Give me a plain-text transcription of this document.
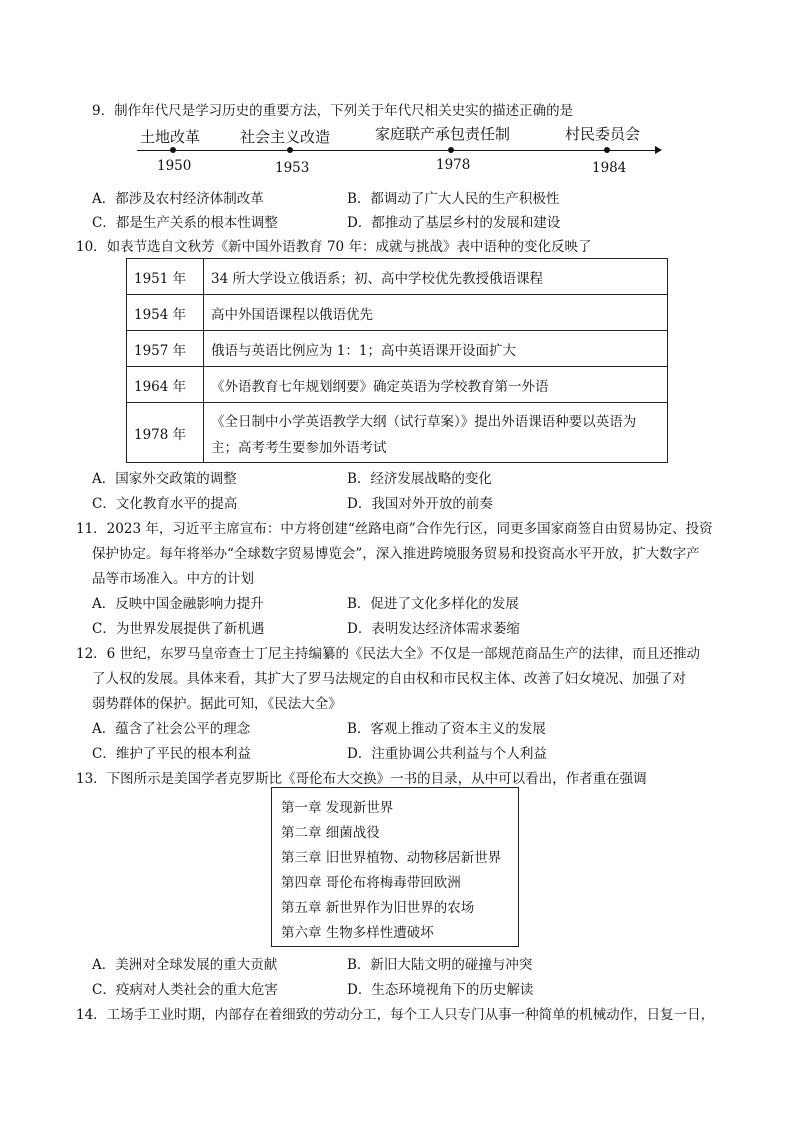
9．制作年代尺是学习历史的重要方法，下列关于年代尺相关史实的描述正确的是
土地改革	社会主义改造	家庭联产承包责任制	村民委员会
1950	1953	1978	1984
A．都涉及农村经济体制改革	B．都调动了广大人民的生产积极性
C．都是生产关系的根本性调整	D．都推动了基层乡村的发展和建设
10．如表节选自文秋芳《新中国外语教育 70 年：成就与挑战》表中语种的变化反映了
1951 年	34 所大学设立俄语系；初、高中学校优先教授俄语课程
1954 年	高中外国语课程以俄语优先
1957 年	俄语与英语比例应为 1：1；高中英语课开设面扩大
1964 年	《外语教育七年规划纲要》确定英语为学校教育第一外语
1978 年	《全日制中小学英语教学大纲（试行草案）》提出外语课语种要以英语为
主；高考考生要参加外语考试
A．国家外交政策的调整	B．经济发展战略的变化
C．文化教育水平的提高	D．我国对外开放的前奏
11．2023 年，习近平主席宣布：中方将创建“丝路电商”合作先行区，同更多国家商签自由贸易协定、投资
保护协定。每年将举办“全球数字贸易博览会”，深入推进跨境服务贸易和投资高水平开放，扩大数字产
品等市场准入。中方的计划
A．反映中国金融影响力提升	B．促进了文化多样化的发展
C．为世界发展提供了新机遇	D．表明发达经济体需求萎缩
12．6 世纪，东罗马皇帝查士丁尼主持编纂的《民法大全》不仅是一部规范商品生产的法律，而且还推动
了人权的发展。具体来看，其扩大了罗马法规定的自由权和市民权主体、改善了妇女境况、加强了对
弱势群体的保护。据此可知，《民法大全》
A．蕴含了社会公平的理念	B．客观上推动了资本主义的发展
C．维护了平民的根本利益	D．注重协调公共利益与个人利益
13．下图所示是美国学者克罗斯比《哥伦布大交换》一书的目录，从中可以看出，作者重在强调
第一章 发现新世界
第二章 细菌战役
第三章 旧世界植物、动物移居新世界
第四章 哥伦布将梅毒带回欧洲
第五章 新世界作为旧世界的农场
第六章 生物多样性遭破坏
A．美洲对全球发展的重大贡献	B．新旧大陆文明的碰撞与冲突
C．疫病对人类社会的重大危害	D．生态环境视角下的历史解读
14．工场手工业时期，内部存在着细致的劳动分工，每个工人只专门从事一种简单的机械动作，日复一日，
